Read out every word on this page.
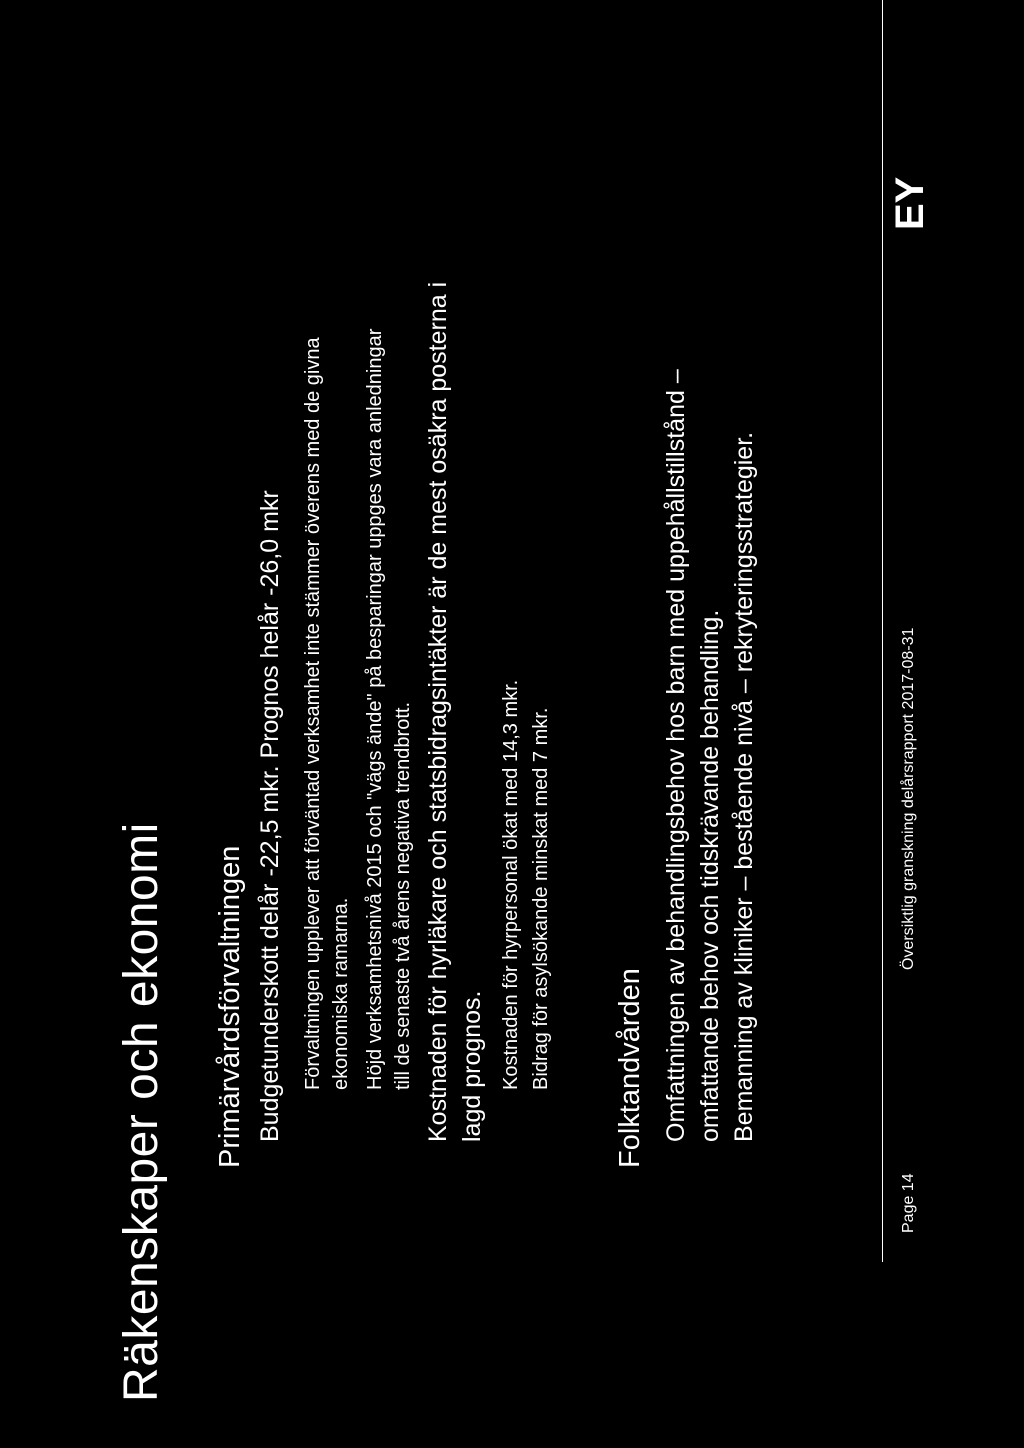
Räkenskaper och ekonomi Primärvårdsförvaltningen Budgetunderskott delår -22,5 mkr. Prognos helår -26,0 mkr Förvaltningen upplever att förväntad verksamhet inte stämmer överens med de givna ekonomiska ramarna. Höjd verksamhetsnivå 2015 och "vägs ände" på besparingar uppges vara anledningar till de senaste två årens negativa trendbrott. Kostnaden för hyrläkare och statsbidragsintäkter är de mest osäkra posterna i lagd prognos. Kostnaden för hyrpersonal ökat med 14,3 mkr. Bidrag för asylsökande minskat med 7 mkr. Folktandvården Omfattningen av behandlingsbehov hos barn med uppehållstillstånd – omfattande behov och tidskrävande behandling. Bemanning av kliniker – bestående nivå – rekryteringsstrategier.
Page 14
Översiktlig granskning delårsrapport 2017-08-31
EY
